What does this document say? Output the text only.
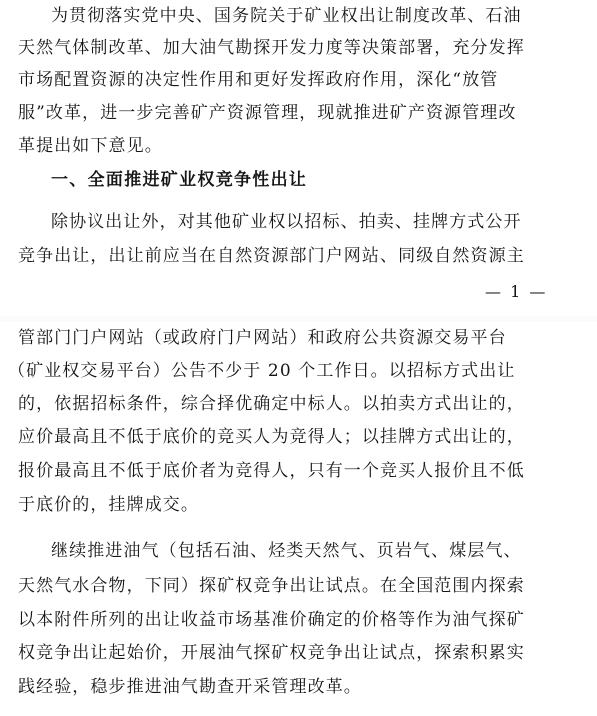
为贯彻落实党中央、国务院关于矿业权出让制度改革、石油
天然气体制改革、加大油气勘探开发力度等决策部署，充分发挥
市场配置资源的决定性作用和更好发挥政府作用，深化“放管
服”改革，进一步完善矿产资源管理，现就推进矿产资源管理改
革提出如下意见。
一、全面推进矿业权竞争性出让
除协议出让外，对其他矿业权以招标、拍卖、挂牌方式公开
竞争出让，出让前应当在自然资源部门户网站、同级自然资源主
— 1 —
管部门门户网站（或政府门户网站）和政府公共资源交易平台
（矿业权交易平台）公告不少于 20 个工作日。以招标方式出让
的，依据招标条件，综合择优确定中标人。以拍卖方式出让的，
应价最高且不低于底价的竞买人为竞得人；以挂牌方式出让的，
报价最高且不低于底价者为竞得人，只有一个竞买人报价且不低
于底价的，挂牌成交。
继续推进油气（包括石油、烃类天然气、页岩气、煤层气、
天然气水合物，下同）探矿权竞争出让试点。在全国范围内探索
以本附件所列的出让收益市场基准价确定的价格等作为油气探矿
权竞争出让起始价，开展油气探矿权竞争出让试点，探索积累实
践经验，稳步推进油气勘查开采管理改革。
